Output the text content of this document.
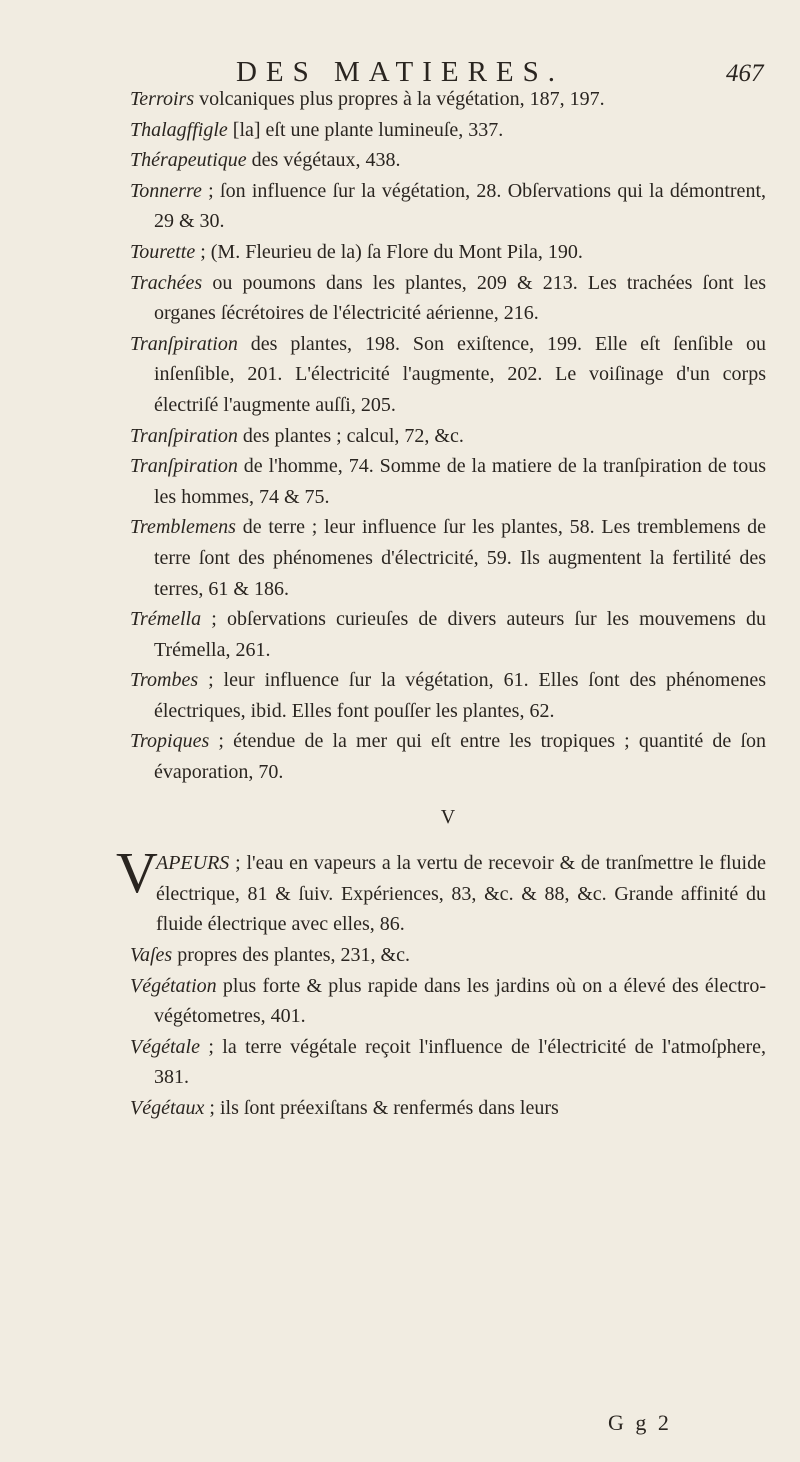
DES MATIERES.	467

Terroirs volcaniques plus propres à la végétation, 187, 197.

Thalagffigle [la] eſt une plante lumineuſe, 337.

Thérapeutique des végétaux, 438.

Tonnerre ; ſon influence ſur la végétation, 28. Obſervations qui la démontrent, 29 & 30.

Tourette ; (M. Fleurieu de la) ſa Flore du Mont Pila, 190.

Trachées ou poumons dans les plantes, 209 & 213. Les trachées ſont les organes ſécrétoires de l'électricité aérienne, 216.

Tranſpiration des plantes, 198. Son exiſtence, 199. Elle eſt ſenſible ou inſenſible, 201. L'électricité l'augmente, 202. Le voiſinage d'un corps électriſé l'augmente auſſi, 205.

Tranſpiration des plantes ; calcul, 72, &c.

Tranſpiration de l'homme, 74. Somme de la matiere de la tranſpiration de tous les hommes, 74 & 75.

Tremblemens de terre ; leur influence ſur les plantes, 58. Les tremblemens de terre ſont des phénomenes d'électricité, 59. Ils augmentent la fertilité des terres, 61 & 186.

Trémella ; obſervations curieuſes de divers auteurs ſur les mouvemens du Trémella, 261.

Trombes ; leur influence ſur la végétation, 61. Elles ſont des phénomenes électriques, ibid. Elles font pouſſer les plantes, 62.

Tropiques ; étendue de la mer qui eſt entre les tropiques ; quantité de ſon évaporation, 70.

V

V
APEURS ; l'eau en vapeurs a la vertu de recevoir & de tranſmettre le fluide électrique, 81 & ſuiv. Expériences, 83, &c. & 88, &c. Grande affinité du fluide électrique avec elles, 86.

Vaſes propres des plantes, 231, &c.

Végétation plus forte & plus rapide dans les jardins où on a élevé des électro-végétometres, 401.

Végétale ; la terre végétale reçoit l'influence de l'électricité de l'atmoſphere, 381.

Végétaux ; ils ſont préexiſtans & renfermés dans leurs

G g 2
